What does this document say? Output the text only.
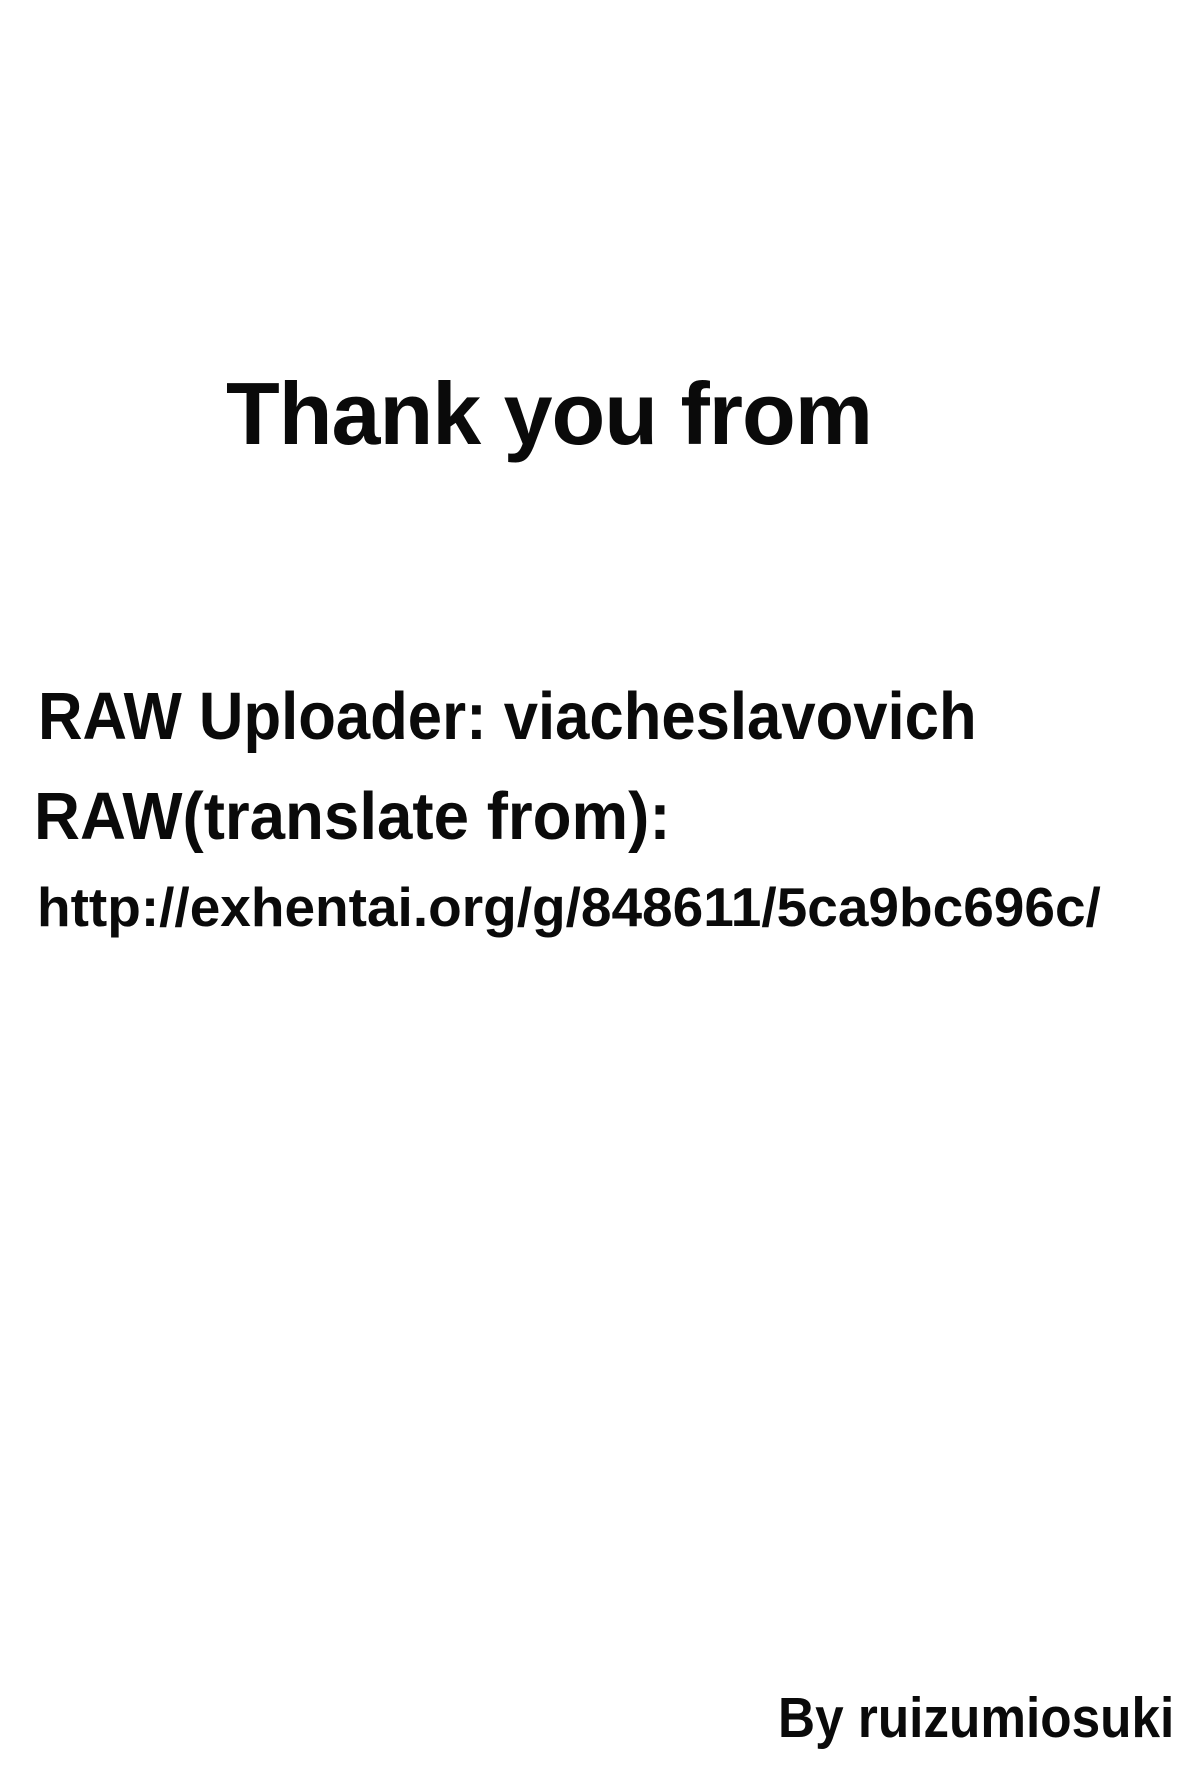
Thank you from
RAW Uploader: viacheslavovich
RAW(translate from):
http://exhentai.org/g/848611/5ca9bc696c/
By ruizumiosuki
